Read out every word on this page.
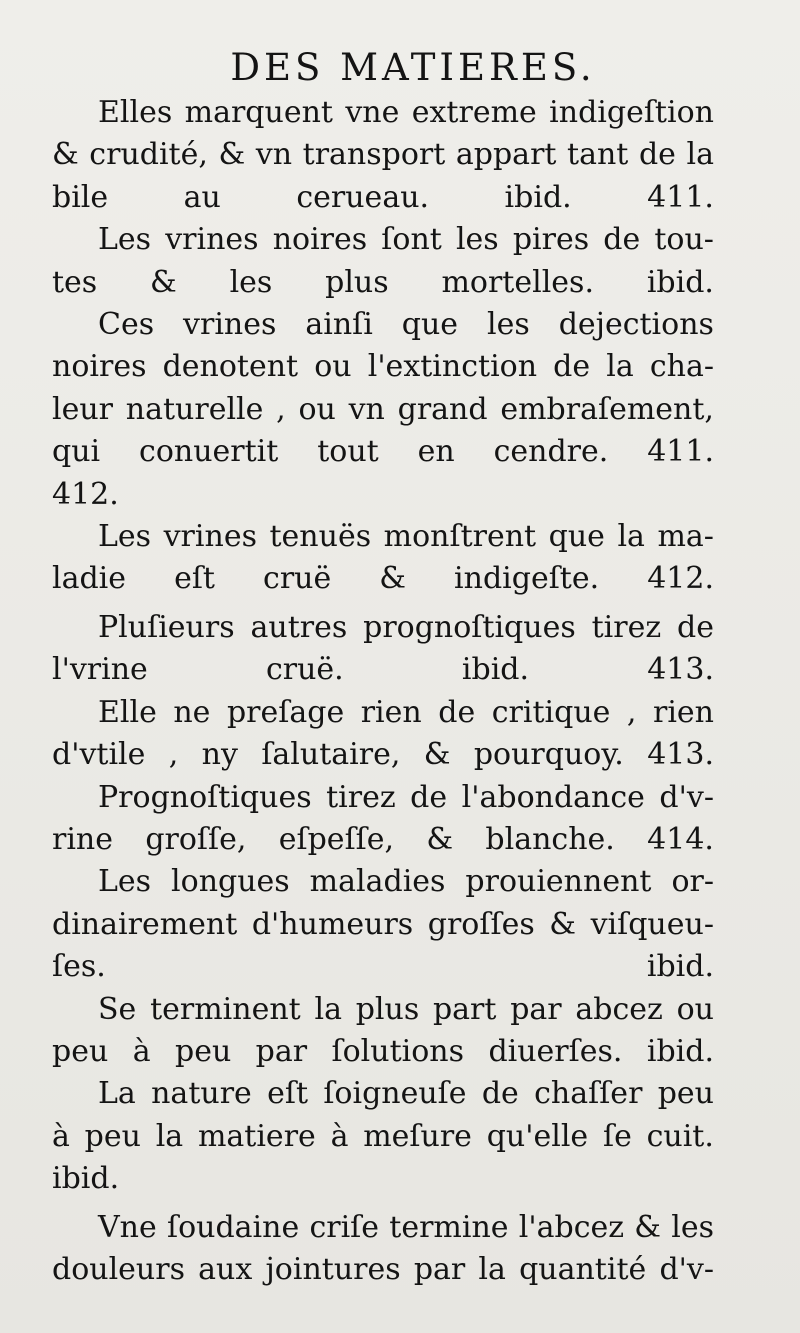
DES MATIERES.
Elles marquent vne extreme indigeſtion
& crudité, & vn transport appart tant de la
bile	au	cerueau.	ibid.	411.
Les vrines noires ſont les pires de tou-
tes & les plus mortelles. ibid.
Ces vrines ainſi que les dejections
noires denotent ou l'extinction de la cha-
leur naturelle , ou vn grand embraſement,
qui conuertit tout en cendre. 411.
412.
Les vrines tenuës monſtrent que la ma-
ladie eſt cruë & indigeſte. 412.
Pluſieurs autres prognoſtiques tirez de
l'vrine	cruë.	ibid.	413.
Elle ne preſage rien de critique , rien
d'vtile , ny ſalutaire, & pourquoy. 413.
Prognoſtiques tirez de l'abondance d'v-
rine groſſe, eſpeſſe, & blanche. 414.
Les longues maladies prouiennent or-
dinairement d'humeurs groſſes & viſqueu-
ſes.	ibid.
Se terminent la plus part par abcez ou
peu à peu par ſolutions diuerſes. ibid.
La nature eſt ſoigneuſe de chaſſer peu
à peu la matiere à meſure qu'elle ſe cuit.
ibid.
Vne ſoudaine criſe termine l'abcez & les
douleurs aux jointures par la quantité d'v-
